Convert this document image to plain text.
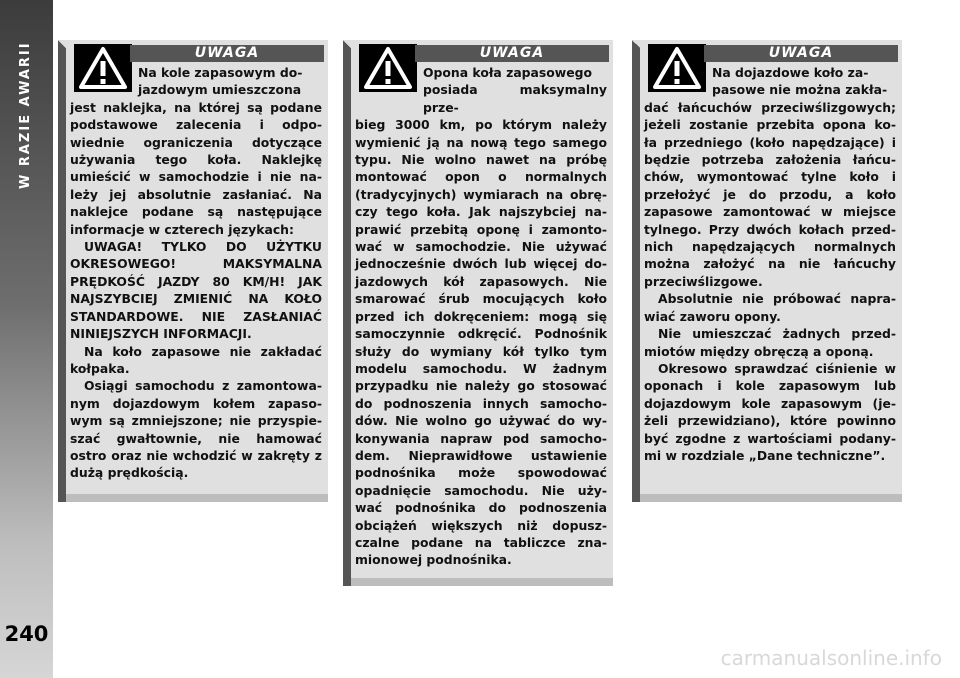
W RAZIE AWARII
240
UWAGA

Na kole zapasowym do-
jazdowym umieszczona
jest naklejka, na której są podane podstawowe zalecenia i odpo- wiednie ograniczenia dotyczące używania tego koła. Naklejkę umieścić w samochodzie i nie na- leży jej absolutnie zasłaniać. Na naklejce podane są następujące informacje w czterech językach:

UWAGA! TYLKO DO UŻYTKU OKRESOWEGO! MAKSYMALNA PRĘDKOŚĆ JAZDY 80 KM/H! JAK NAJSZYBCIEJ ZMIENIĆ NA KOŁO STANDARDOWE. NIE ZASŁANIAĆ NINIEJSZYCH INFORMACJI.

Na koło zapasowe nie zakładać kołpaka.

Osiągi samochodu z zamontowa- nym dojazdowym kołem zapaso- wym są zmniejszone; nie przyspie- szać gwałtownie, nie hamować ostro oraz nie wchodzić w zakręty z dużą prędkością.

UWAGA

Opona koła zapasowego
posiada maksymalny prze-
bieg 3000 km, po którym należy wymienić ją na nową tego samego typu. Nie wolno nawet na próbę montować opon o normalnych (tradycyjnych) wymiarach na obrę- czy tego koła. Jak najszybciej na- prawić przebitą oponę i zamonto- wać w samochodzie. Nie używać jednocześnie dwóch lub więcej do- jazdowych kół zapasowych. Nie smarować śrub mocujących koło przed ich dokręceniem: mogą się samoczynnie odkręcić. Podnośnik służy do wymiany kół tylko tym modelu samochodu. W żadnym przypadku nie należy go stosować do podnoszenia innych samocho- dów. Nie wolno go używać do wy- konywania napraw pod samocho- dem. Nieprawidłowe ustawienie podnośnika może spowodować opadnięcie samochodu. Nie uży- wać podnośnika do podnoszenia obciążeń większych niż dopusz- czalne podane na tabliczce zna- mionowej podnośnika.

UWAGA

Na dojazdowe koło za-
pasowe nie można zakła-
dać łańcuchów przeciwślizgowych; jeżeli zostanie przebita opona ko- ła przedniego (koło napędzające) i będzie potrzeba założenia łańcu- chów, wymontować tylne koło i przełożyć je do przodu, a koło zapasowe zamontować w miejsce tylnego. Przy dwóch kołach przed- nich napędzających normalnych można założyć na nie łańcuchy przeciwślizgowe.

Absolutnie nie próbować napra- wiać zaworu opony.

Nie umieszczać żadnych przed- miotów między obręczą a oponą.

Okresowo sprawdzać ciśnienie w oponach i kole zapasowym lub dojazdowym kole zapasowym (je- żeli przewidziano), które powinno być zgodne z wartościami podany- mi w rozdziale „Dane techniczne”.

carmanualsonline.info
